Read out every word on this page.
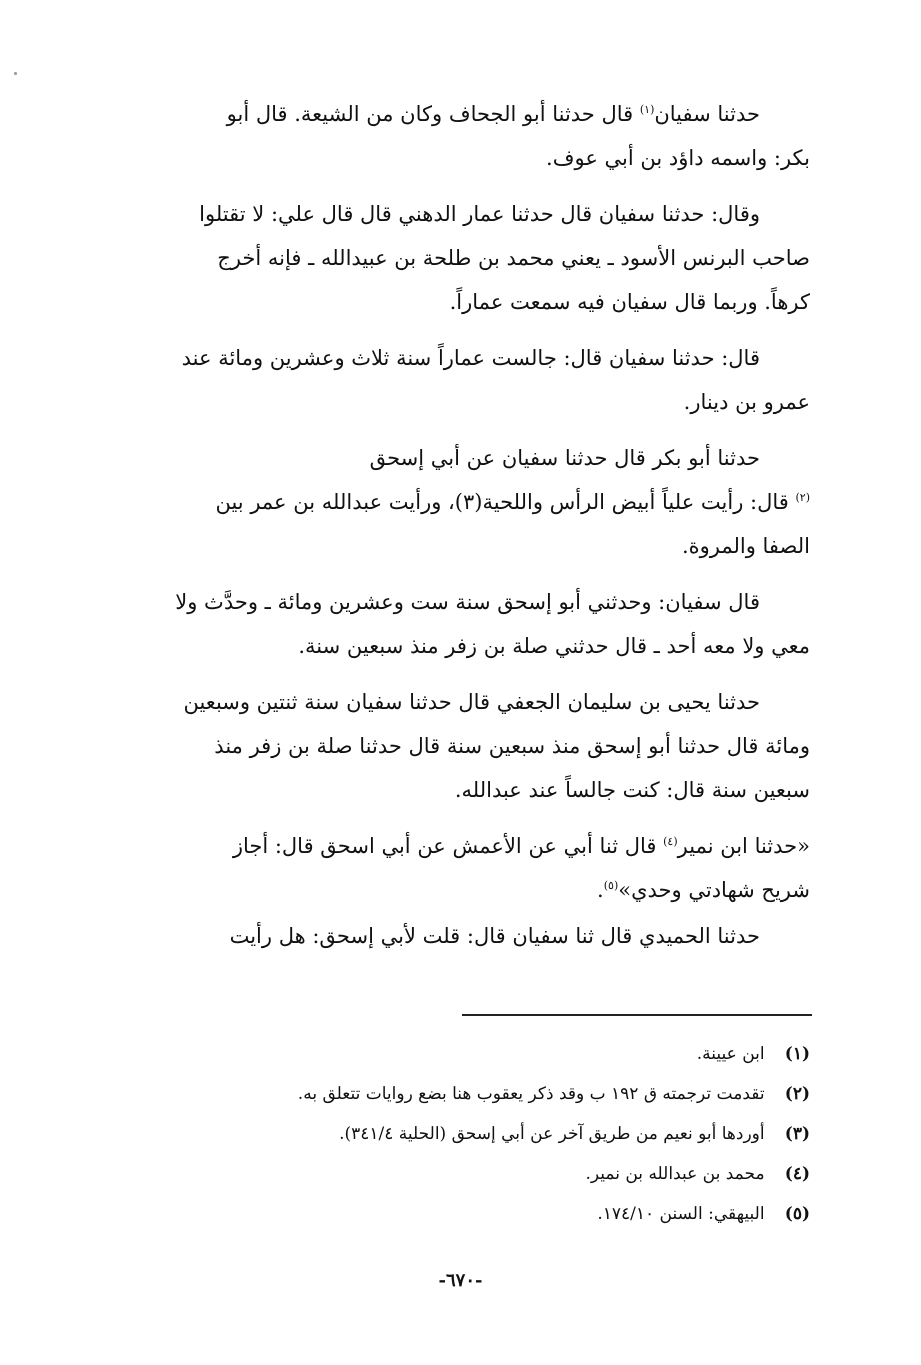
حدثنا سفيان$^{(١)}$ قال حدثنا أبو الجحاف وكان من الشيعة. قال أبو
بكر: واسمه داؤد بن أبي عوف.

وقال: حدثنا سفيان قال حدثنا عمار الدهني قال قال علي: لا تقتلوا
صاحب البرنس الأسود ـ يعني محمد بن طلحة بن عبيدالله ـ فإنه أخرج
كرهاً. وربما قال سفيان فيه سمعت عماراً.

قال: حدثنا سفيان قال: جالست عماراً سنة ثلاث وعشرين ومائة عند
عمرو بن دينار.

حدثنا أبو بكر قال حدثنا سفيان عن أبي إسحق
$^{(٢)}$ قال: رأيت علياً أبيض الرأس واللحية(٣)، ورأيت عبدالله بن عمر بين
الصفا والمروة.

قال سفيان: وحدثني أبو إسحق سنة ست وعشرين ومائة ـ وحدَّث ولا
معي ولا معه أحد ـ قال حدثني صلة بن زفر منذ سبعين سنة.

حدثنا يحيى بن سليمان الجعفي قال حدثنا سفيان سنة ثنتين وسبعين
ومائة قال حدثنا أبو إسحق منذ سبعين سنة قال حدثنا صلة بن زفر منذ
سبعين سنة قال: كنت جالساً عند عبدالله.

«حدثنا ابن نمير$^{(٤)}$ قال ثنا أبي عن الأعمش عن أبي اسحق قال: أجاز
شريح شهادتي وحدي»$^{(٥)}$.

حدثنا الحميدي قال ثنا سفيان قال: قلت لأبي إسحق: هل رأيت

(١) ابن عيينة.
(٢) تقدمت ترجمته ق ١٩٢ ب وقد ذكر يعقوب هنا بضع روايات تتعلق به.
(٣) أوردها أبو نعيم من طريق آخر عن أبي إسحق (الحلية ٣٤١/٤).
(٤) محمد بن عبدالله بن نمير.
(٥) البيهقي: السنن ١٧٤/١٠.
-٦٧٠-
